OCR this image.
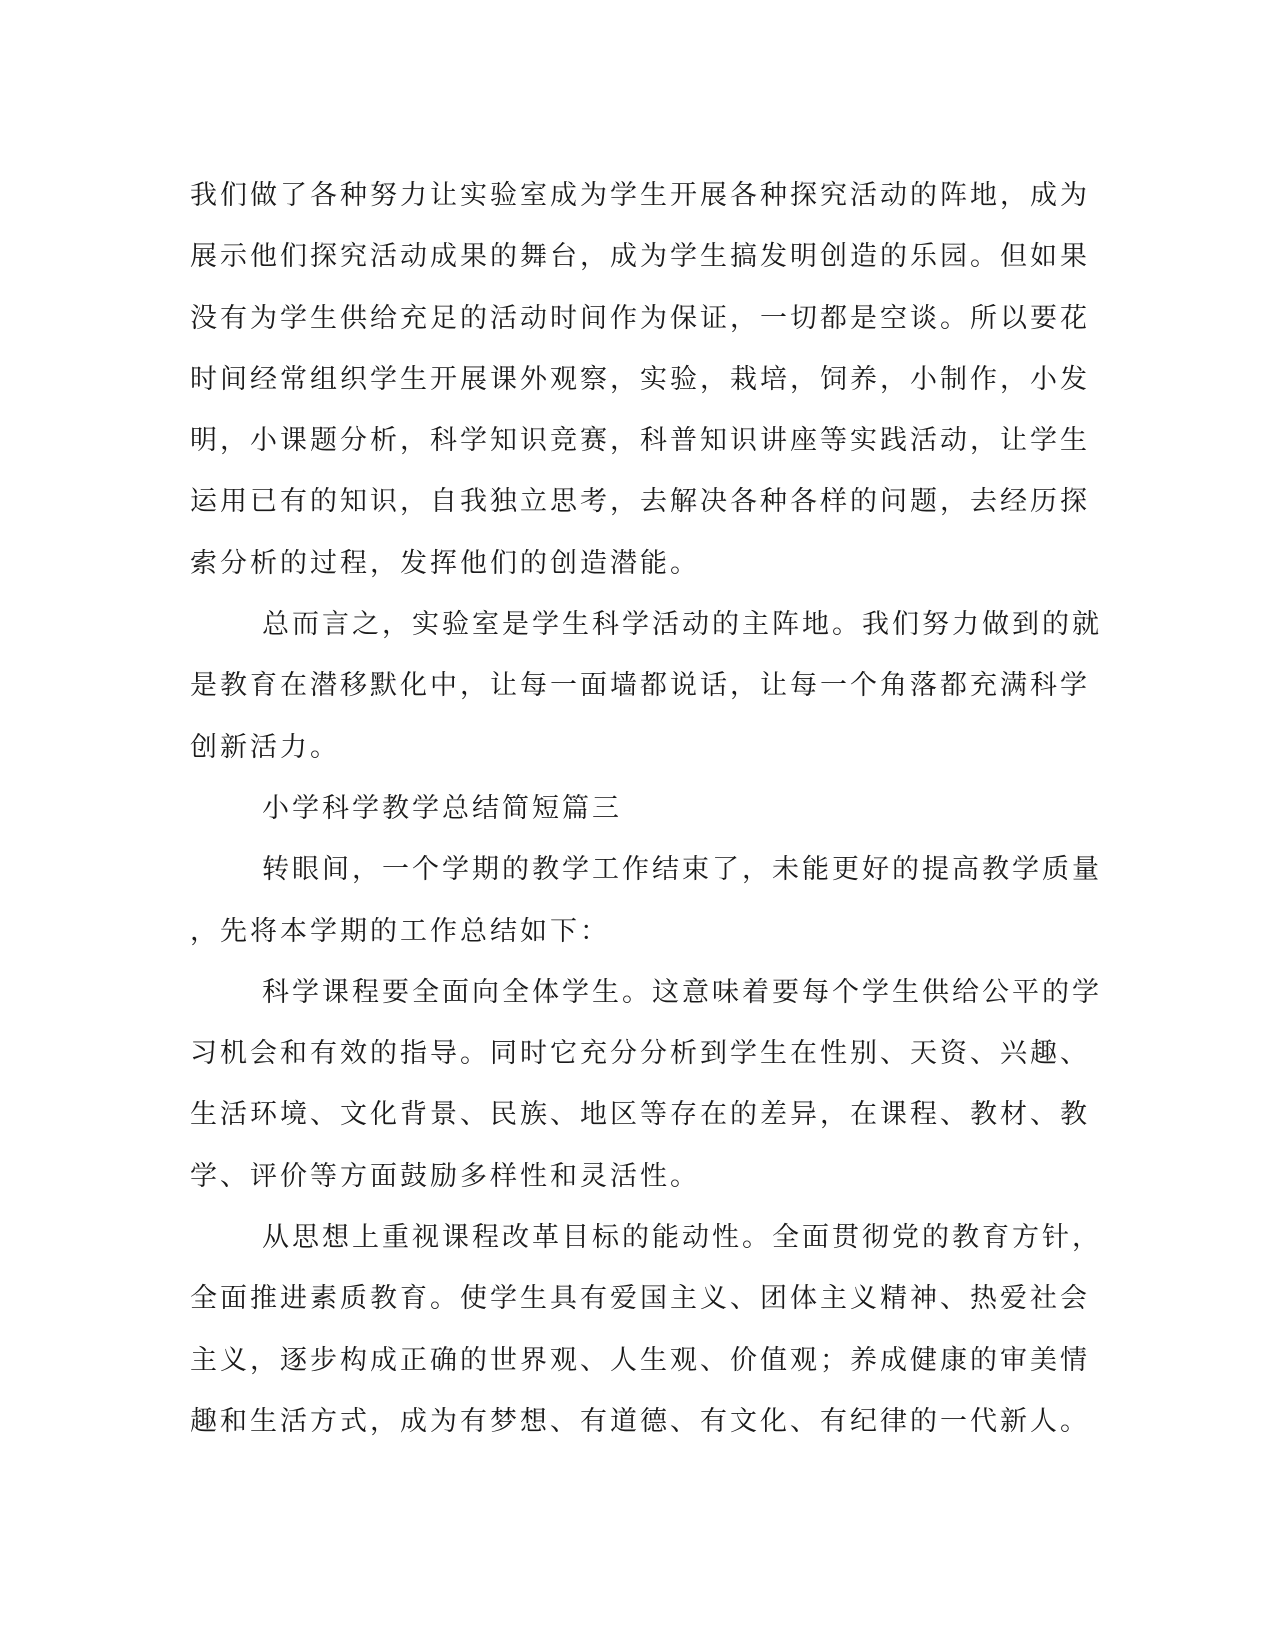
我们做了各种努力让实验室成为学生开展各种探究活动的阵地，成为
展示他们探究活动成果的舞台，成为学生搞发明创造的乐园。但如果
没有为学生供给充足的活动时间作为保证，一切都是空谈。所以要花
时间经常组织学生开展课外观察，实验，栽培，饲养，小制作，小发
明，小课题分析，科学知识竞赛，科普知识讲座等实践活动，让学生
运用已有的知识，自我独立思考，去解决各种各样的问题，去经历探
索分析的过程，发挥他们的创造潜能。
总而言之，实验室是学生科学活动的主阵地。我们努力做到的就
是教育在潜移默化中，让每一面墙都说话，让每一个角落都充满科学
创新活力。
小学科学教学总结简短篇三
转眼间，一个学期的教学工作结束了，未能更好的提高教学质量
，先将本学期的工作总结如下：
科学课程要全面向全体学生。这意味着要每个学生供给公平的学
习机会和有效的指导。同时它充分分析到学生在性别、天资、兴趣、
生活环境、文化背景、民族、地区等存在的差异，在课程、教材、教
学、评价等方面鼓励多样性和灵活性。
从思想上重视课程改革目标的能动性。全面贯彻党的教育方针，
全面推进素质教育。使学生具有爱国主义、团体主义精神、热爱社会
主义，逐步构成正确的世界观、人生观、价值观；养成健康的审美情
趣和生活方式，成为有梦想、有道德、有文化、有纪律的一代新人。
